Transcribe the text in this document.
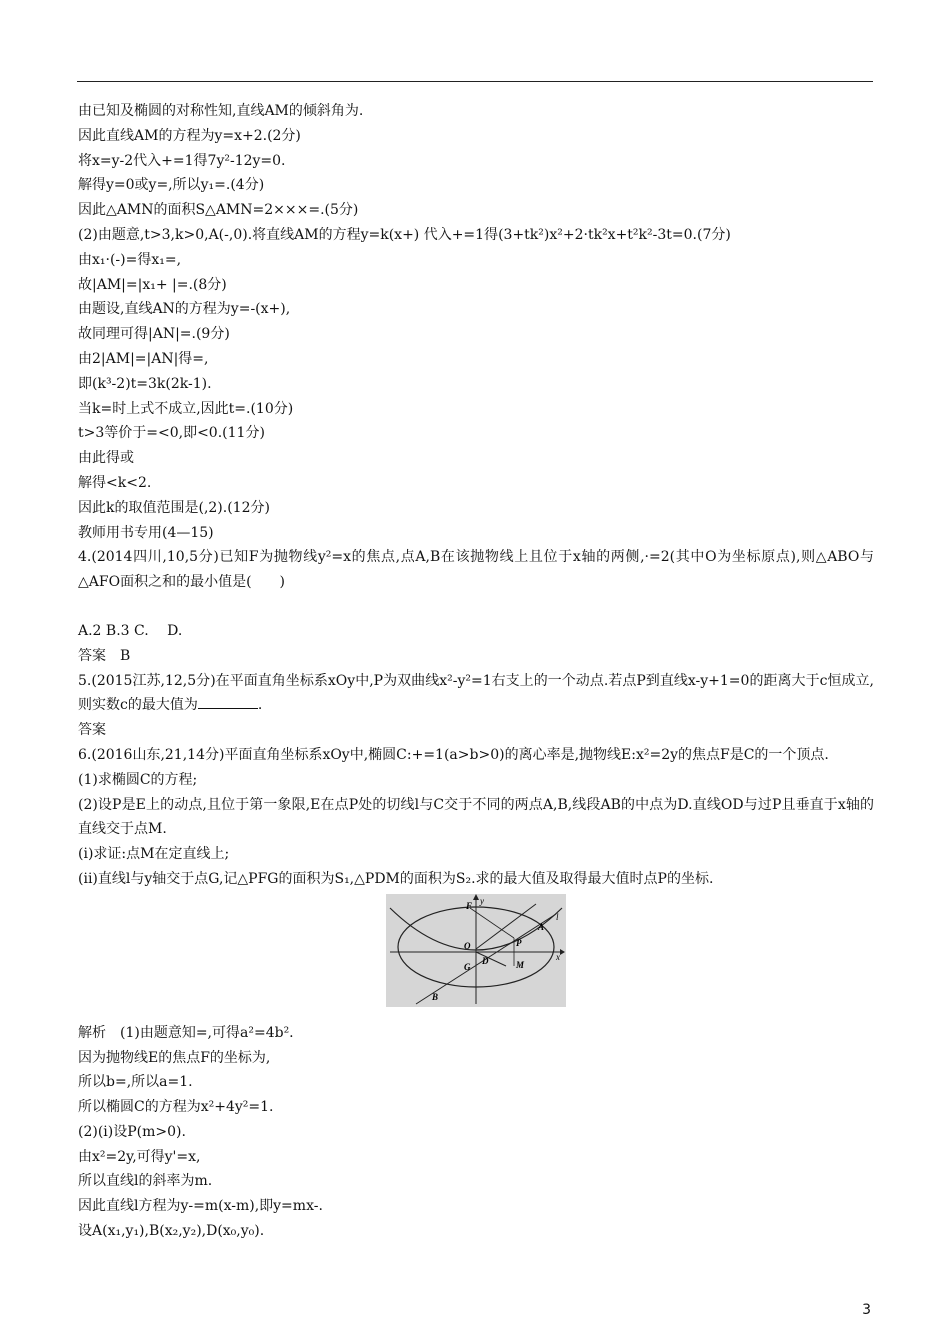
由已知及椭圆的对称性知,直线AM的倾斜角为.
因此直线AM的方程为y=x+2.(2分)
将x=y-2代入+=1得7y²-12y=0.
解得y=0或y=,所以y₁=.(4分)
因此△AMN的面积S△AMN=2×××=.(5分)
(2)由题意,t>3,k>0,A(-,0).将直线AM的方程y=k(x+) 代入+=1得(3+tk²)x²+2·tk²x+t²k²-3t=0.(7分)
由x₁·(-)=得x₁=,
故|AM|=|x₁+ |=.(8分)
由题设,直线AN的方程为y=-(x+),
故同理可得|AN|=.(9分)
由2|AM|=|AN|得=,
即(k³-2)t=3k(2k-1).
当k=时上式不成立,因此t=.(10分)
t>3等价于=<0,即<0.(11分)
由此得或
解得<k<2.
因此k的取值范围是(,2).(12分)
教师用书专用(4—15)
4.(2014四川,10,5分)已知F为抛物线y²=x的焦点,点A,B在该抛物线上且位于x轴的两侧,·=2(其中O为坐标原点),则△ABO与△AFO面积之和的最小值是(　　)
A.2 B.3 C.　 D.
答案　B
5.(2015江苏,12,5分)在平面直角坐标系xOy中,P为双曲线x²-y²=1右支上的一个动点.若点P到直线x-y+1=0的距离大于c恒成立,则实数c的最大值为	.
答案
6.(2016山东,21,14分)平面直角坐标系xOy中,椭圆C:+=1(a>b>0)的离心率是,抛物线E:x²=2y的焦点F是C的一个顶点.
(1)求椭圆C的方程;
(2)设P是E上的动点,且位于第一象限,E在点P处的切线l与C交于不同的两点A,B,线段AB的中点为D.直线OD与过P且垂直于x轴的直线交于点M.
(i)求证:点M在定直线上;
(ii)直线l与y轴交于点G,记△PFG的面积为S₁,△PDM的面积为S₂.求的最大值及取得最大值时点P的坐标.
y
F
A
l
O	P
x
G
D	M
B
解析　(1)由题意知=,可得a²=4b².
因为抛物线E的焦点F的坐标为,
所以b=,所以a=1.
所以椭圆C的方程为x²+4y²=1.
(2)(i)设P(m>0).
由x²=2y,可得y'=x,
所以直线l的斜率为m.
因此直线l方程为y-=m(x-m),即y=mx-.
设A(x₁,y₁),B(x₂,y₂),D(x₀,y₀).
3
